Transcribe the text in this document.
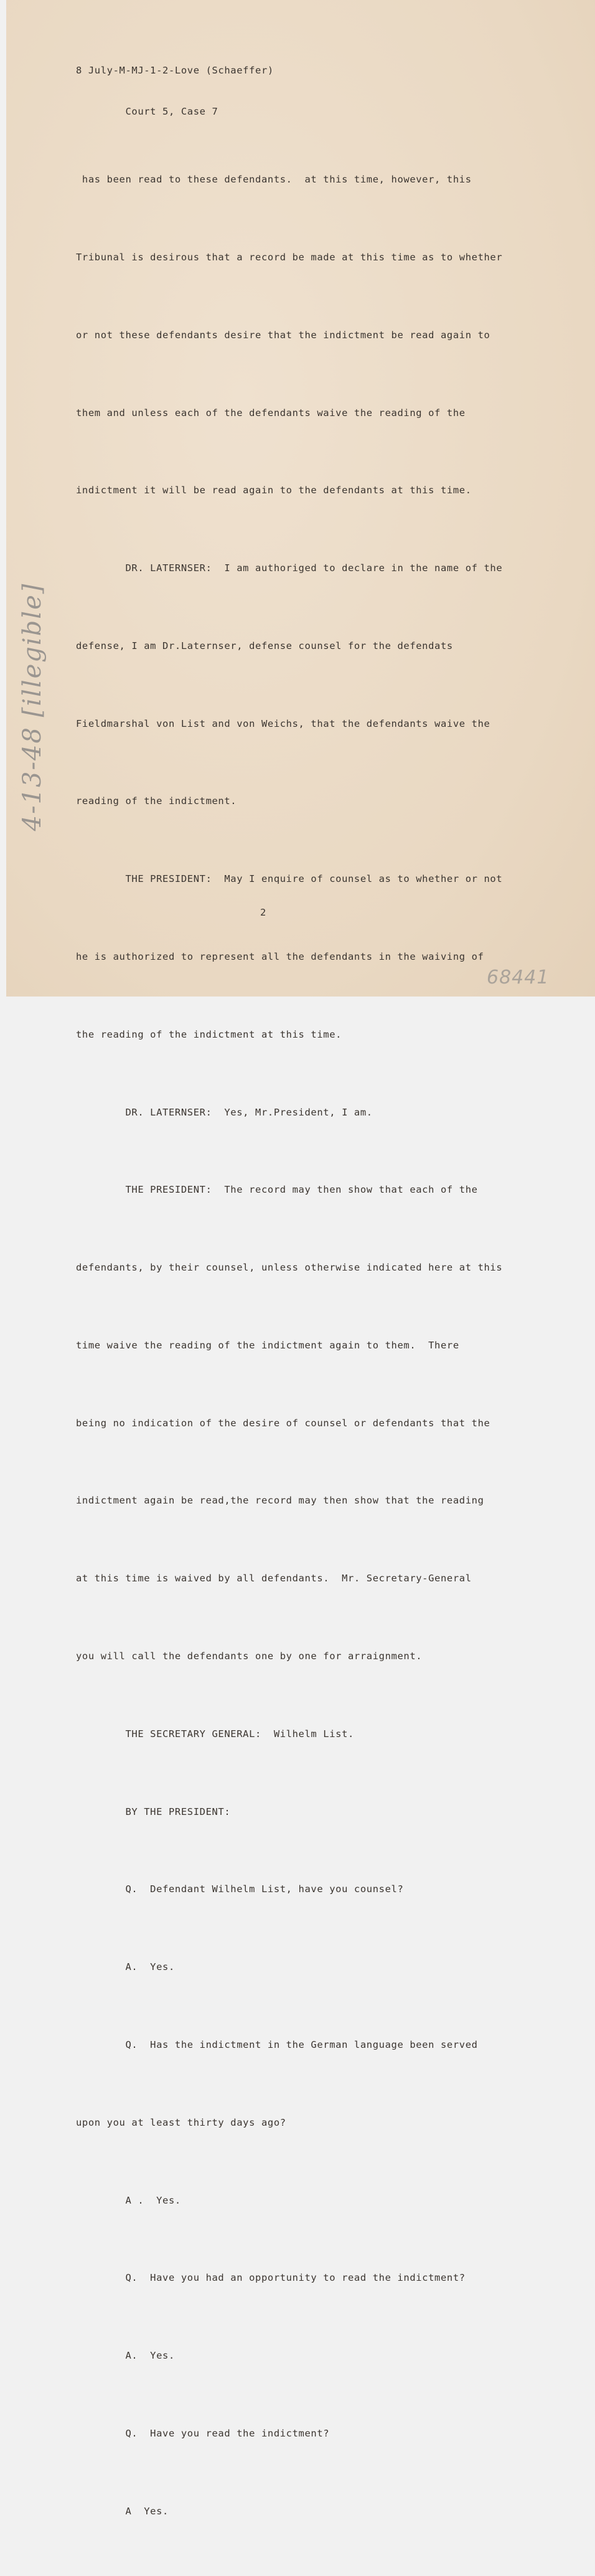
8 July-M-MJ-1-2-Love (Schaeffer)

Court 5, Case 7

has been read to these defendants.  at this time, however, this

Tribunal is desirous that a record be made at this time as to whether

or not these defendants desire that the indictment be read again to

them and unless each of the defendants waive the reading of the

indictment it will be read again to the defendants at this time.

DR. LATERNSER:  I am authoriged to declare in the name of the

defense, I am Dr.Laternser, defense counsel for the defendats

Fieldmarshal von List and von Weichs, that the defendants waive the

reading of the indictment.

THE PRESIDENT:  May I enquire of counsel as to whether or not

he is authorized to represent all the defendants in the waiving of

the reading of the indictment at this time.

DR. LATERNSER:  Yes, Mr.President, I am.

THE PRESIDENT:  The record may then show that each of the

defendants, by their counsel, unless otherwise indicated here at this

time waive the reading of the indictment again to them.  There

being no indication of the desire of counsel or defendants that the

indictment again be read,the record may then show that the reading

at this time is waived by all defendants.  Mr. Secretary-General

you will call the defendants one by one for arraignment.

THE SECRETARY GENERAL:  Wilhelm List.

BY THE PRESIDENT:

Q.  Defendant Wilhelm List, have you counsel?

A.  Yes.

Q.  Has the indictment in the German language been served

upon you at least thirty days ago?

A .  Yes.

Q.  Have you had an opportunity to read the indictment?

A.  Yes.

Q.  Have you read the indictment?

A  Yes.

2
4-13-48 [illegible]
68441
